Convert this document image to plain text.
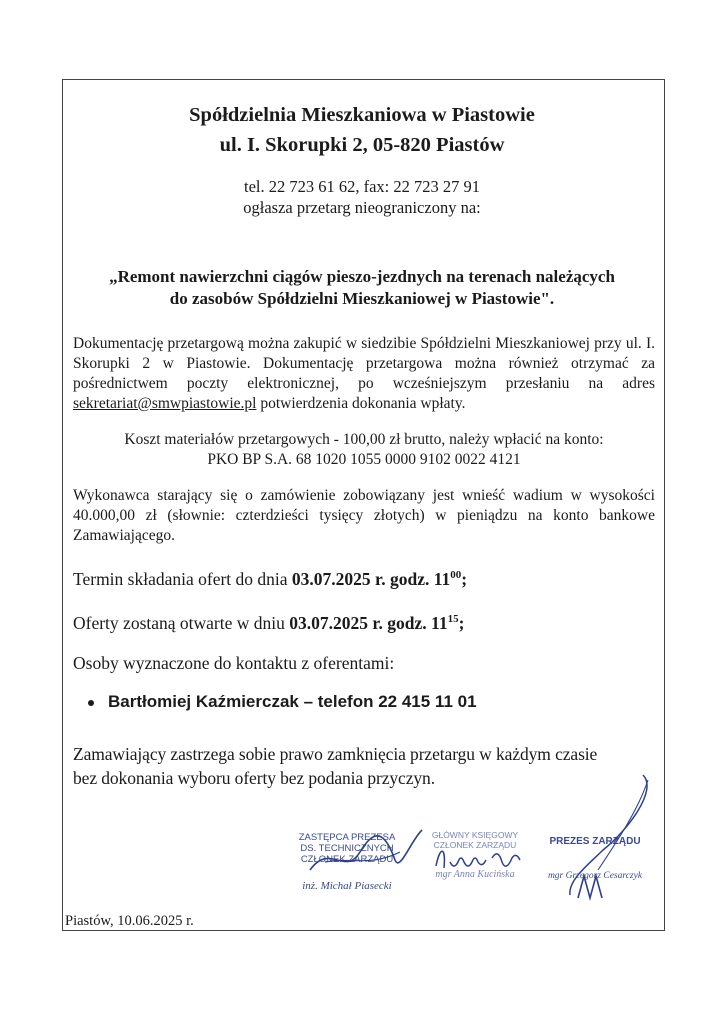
Spółdzielnia Mieszkaniowa w Piastowie
ul. I. Skorupki 2, 05-820 Piastów
tel. 22 723 61 62, fax: 22 723 27 91
ogłasza przetarg nieograniczony na:
„Remont nawierzchni ciągów pieszo-jezdnych na terenach należących
do zasobów Spółdzielni Mieszkaniowej w Piastowie".
Dokumentację przetargową można zakupić w siedzibie Spółdzielni Mieszkaniowej przy ul. I. Skorupki 2 w Piastowie. Dokumentację przetargowa można również otrzymać za pośrednictwem poczty elektronicznej, po wcześniejszym przesłaniu na adres sekretariat@smwpiastowie.pl potwierdzenia dokonania wpłaty.
Koszt materiałów przetargowych - 100,00 zł brutto, należy wpłacić na konto:
PKO BP S.A. 68 1020 1055 0000 9102 0022 4121
Wykonawca starający się o zamówienie zobowiązany jest wnieść wadium w wysokości 40.000,00 zł (słownie: czterdzieści tysięcy złotych) w pieniądzu na konto bankowe Zamawiającego.
Termin składania ofert do dnia 03.07.2025 r. godz. $11^{00}$;
Oferty zostaną otwarte w dniu 03.07.2025 r. godz. $11^{15}$;
Osoby wyznaczone do kontaktu z oferentami:
Bartłomiej Kaźmierczak – telefon 22 415 11 01
Zamawiający zastrzega sobie prawo zamknięcia przetargu w każdym czasie
bez dokonania wyboru oferty bez podania przyczyn.
ZASTĘPCA PREZESA
DS. TECHNICZNYCH
CZŁONEK ZARZĄDU
inż. Michał Piasecki
GŁÓWNY KSIĘGOWY
CZŁONEK ZARZĄDU
mgr Anna Kucińska
PREZES ZARZĄDU
mgr Grzegorz Cesarczyk
Piastów, 10.06.2025 r.
